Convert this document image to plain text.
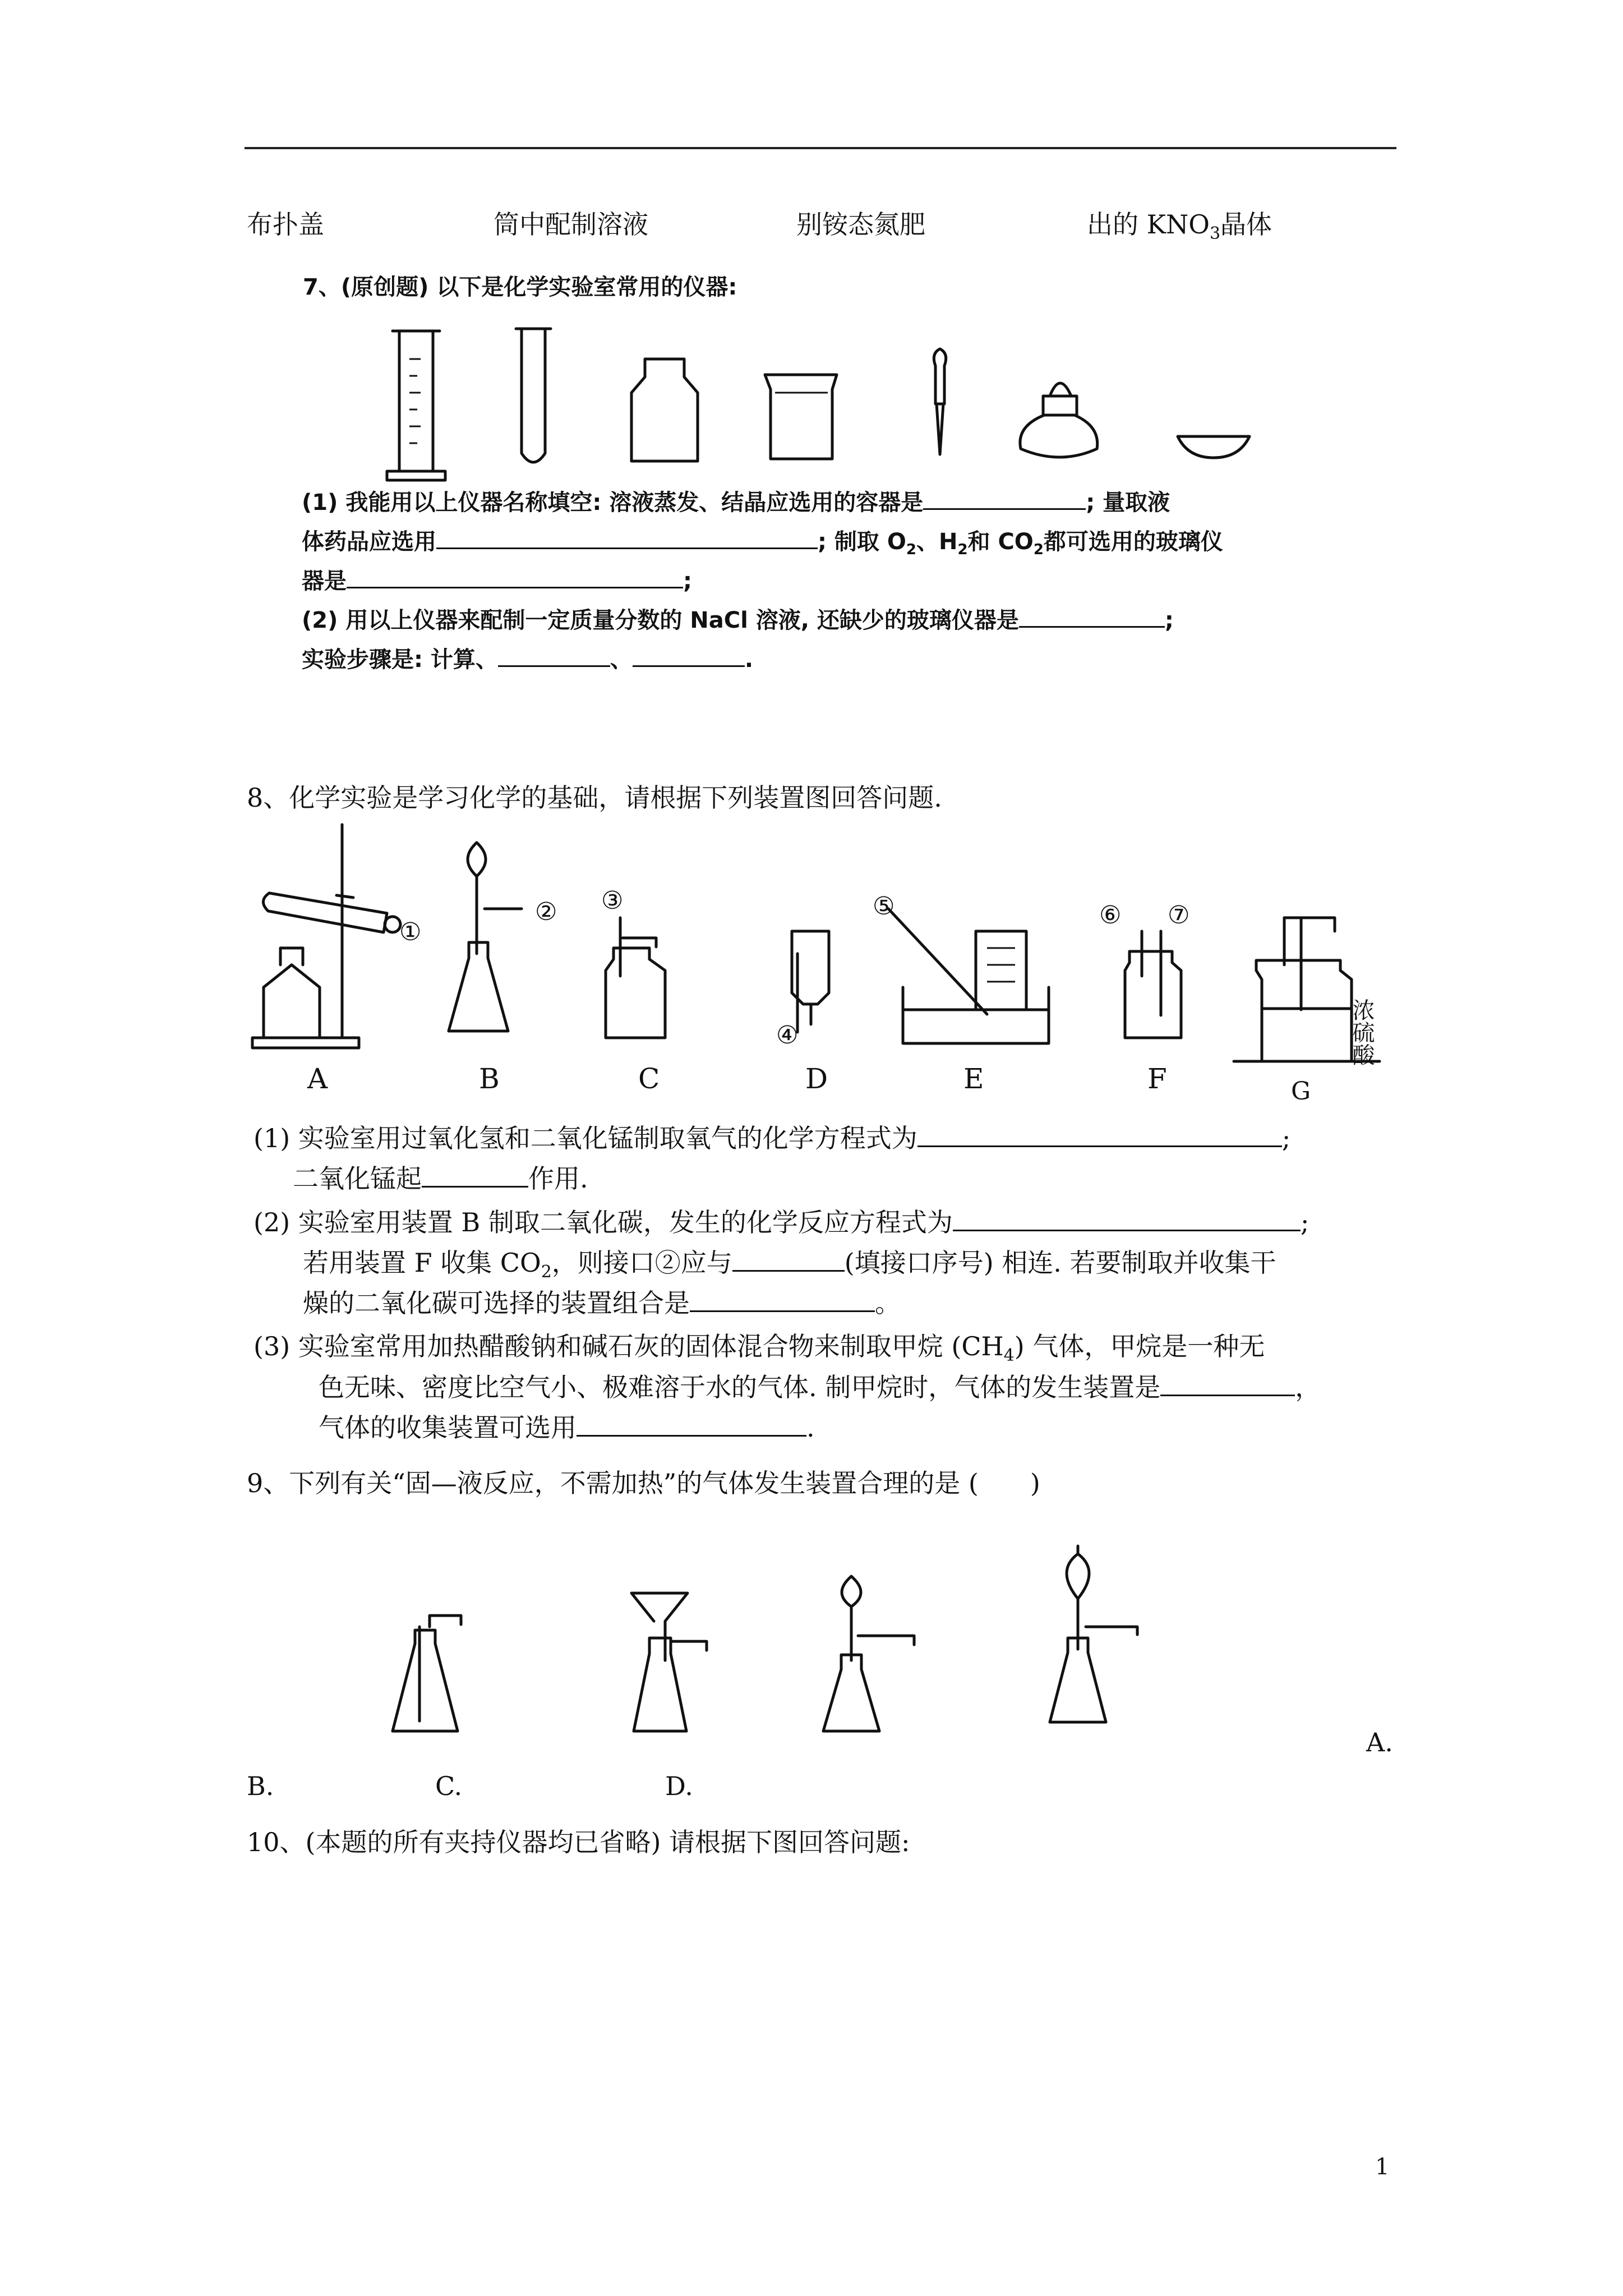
布扑盖	筒中配制溶液	别铵态氮肥	出的 $KNO_3$晶体
7、(原创题) 以下是化学实验室常用的仪器:
(1) 我能用以上仪器名称填空: 溶液蒸发、结晶应选用的容器是	; 量取液
体药品应选用	; 制取 $O_2$、$H_2$和 $CO_2$都可选用的玻璃仪
器是	;
(2) 用以上仪器来配制一定质量分数的 NaCl 溶液, 还缺少的玻璃仪器是	;
实验步骤是: 计算、	、	.
8、化学实验是学习化学的基础，请根据下列装置图回答问题.
①
A
②
B
③
C
④
D
⑤
E
⑥ ⑦
F
浓硫酸
G
(1) 实验室用过氧化氢和二氧化锰制取氧气的化学方程式为	;
二氧化锰起	作用.
(2) 实验室用装置 B 制取二氧化碳，发生的化学反应方程式为	;
若用装置 F 收集 $CO_2$，则接口②应与	(填接口序号) 相连. 若要制取并收集干
燥的二氧化碳可选择的装置组合是	。
(3) 实验室常用加热醋酸钠和碱石灰的固体混合物来制取甲烷 $(CH_4)$ 气体，甲烷是一种无
色无味、密度比空气小、极难溶于水的气体. 制甲烷时，气体的发生装置是	，
气体的收集装置可选用	.
9、下列有关“固—液反应，不需加热”的气体发生装置合理的是 (　　)
A.
B.	C.	D.
10、(本题的所有夹持仪器均已省略) 请根据下图回答问题:
1
